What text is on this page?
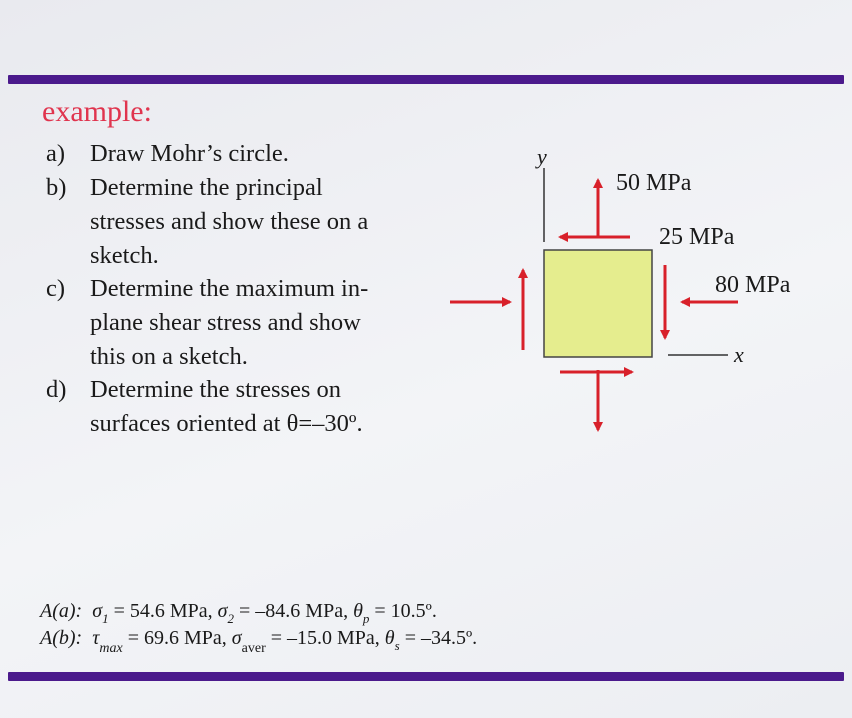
example:
a) Draw Mohr’s circle.
b) Determine the principal
stresses and show these on a
sketch.
c) Determine the maximum in-
plane shear stress and show
this on a sketch.
d) Determine the stresses on
surfaces oriented at θ=–30º.
y
x
50 MPa
25 MPa
80 MPa
A(a): $\sigma_1 = 54.6$ MPa, $\sigma_2 = -84.6$ MPa, $\theta_p$ = 10.5º.
A(b): $\tau_{max} = 69.6$ MPa, $\sigma_{aver} = -15.0$ MPa, $\theta_s$ = –34.5º.
